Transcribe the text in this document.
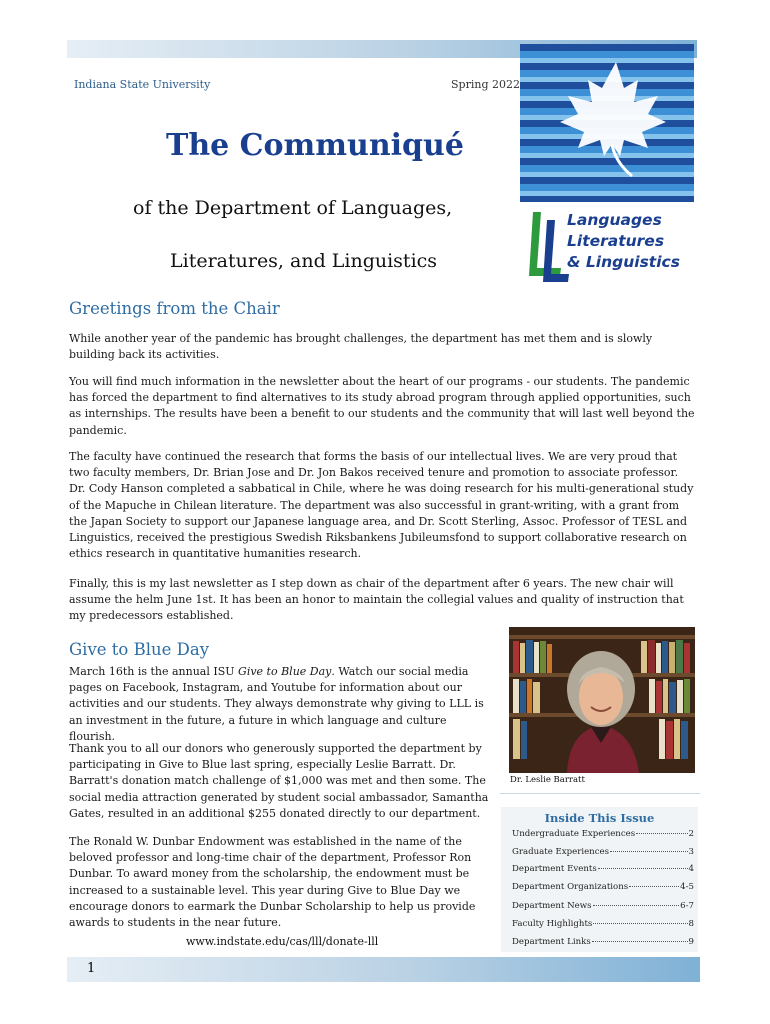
Indiana State University	Spring 2022
The Communiqué
of the Department of Languages,
Literatures, and Linguistics
Languages
Literatures
& Linguistics
Greetings from the Chair

While another year of the pandemic has brought challenges, the department has met them and is slowly building back its activities.

You will find much information in the newsletter about the heart of our programs - our students. The pandemic has forced the department to find alternatives to its study abroad program through applied opportunities, such as internships. The results have been a benefit to our students and the community that will last well beyond the pandemic.

The faculty have continued the research that forms the basis of our intellectual lives. We are very proud that two faculty members, Dr. Brian Jose and Dr. Jon Bakos received tenure and promotion to associate professor. Dr. Cody Hanson completed a sabbatical in Chile, where he was doing research for his multi-generational study of the Mapuche in Chilean literature. The department was also successful in grant-writing, with a grant from the Japan Society to support our Japanese language area, and Dr. Scott Sterling, Assoc. Professor of TESL and Linguistics, received the prestigious Swedish Riksbankens Jubileumsfond to support collaborative research on ethics research in quantitative humanities research.

Finally, this is my last newsletter as I step down as chair of the department after 6 years. The new chair will assume the helm June 1st. It has been an honor to maintain the collegial values and quality of instruction that my predecessors established.

Give to Blue Day

March 16th is the annual ISU Give to Blue Day. Watch our social media pages on Facebook, Instagram, and Youtube for information about our activities and our students. They always demonstrate why giving to LLL is an investment in the future, a future in which language and culture flourish.

Thank you to all our donors who generously supported the department by participating in Give to Blue last spring, especially Leslie Barratt. Dr. Barratt's donation match challenge of $1,000 was met and then some. The social media attraction generated by student social ambassador, Samantha Gates, resulted in an additional $255 donated directly to our department.

The Ronald W. Dunbar Endowment was established in the name of the beloved professor and long-time chair of the department, Professor Ron Dunbar. To award money from the scholarship, the endowment must be increased to a sustainable level. This year during Give to Blue Day we encourage donors to earmark the Dunbar Scholarship to help us provide awards to students in the near future.

www.indstate.edu/cas/lll/donate-lll
Dr. Leslie Barratt
Inside This Issue
Undergraduate Experiences	2
Graduate Experiences	3
Department Events	4
Department Organizations	4-5
Department News	6-7
Faculty Highlights	8
Department Links	9
1
